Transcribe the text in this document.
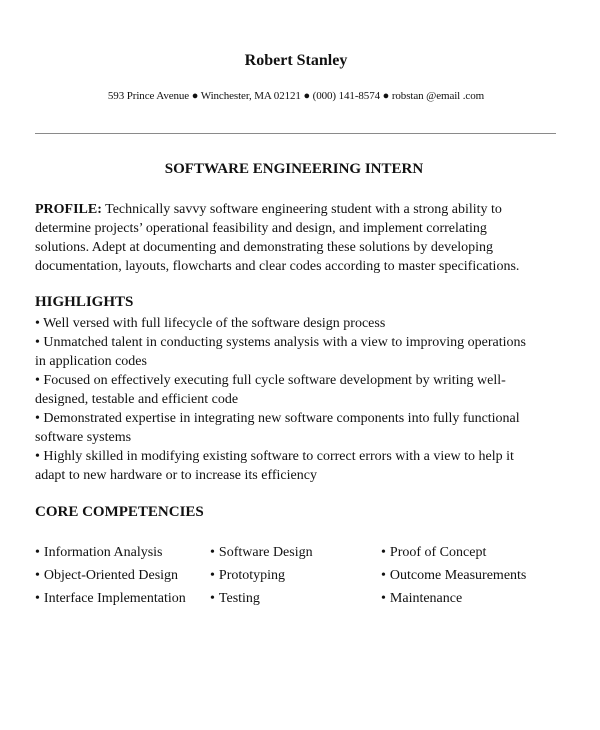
Robert Stanley
593 Prince Avenue ● Winchester, MA 02121 ● (000) 141-8574 ● robstan @email .com
SOFTWARE ENGINEERING INTERN
PROFILE: Technically savvy software engineering student with a strong ability to
determine projects’ operational feasibility and design, and implement correlating
solutions. Adept at documenting and demonstrating these solutions by developing
documentation, layouts, flowcharts and clear codes according to master specifications.
HIGHLIGHTS
• Well versed with full lifecycle of the software design process
• Unmatched talent in conducting systems analysis with a view to improving operations
in application codes
• Focused on effectively executing full cycle software development by writing well-
designed, testable and efficient code
• Demonstrated expertise in integrating new software components into fully functional
software systems
• Highly skilled in modifying existing software to correct errors with a view to help it
adapt to new hardware or to increase its efficiency
CORE COMPETENCIES
• Information Analysis
• Object-Oriented Design
• Interface Implementation
• Software Design
• Prototyping
• Testing
• Proof of Concept
• Outcome Measurements
• Maintenance
